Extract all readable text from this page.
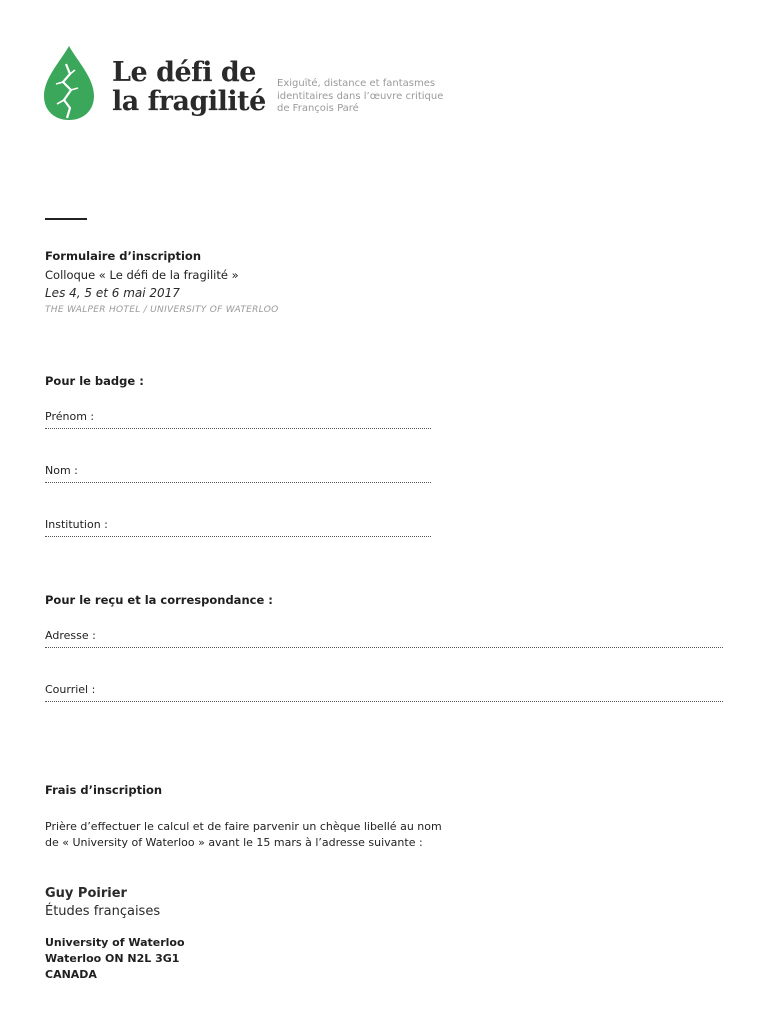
Le défi de
la fragilité
Exiguïté, distance et fantasmes
identitaires dans l’œuvre critique
de François Paré
Formulaire d’inscription
Colloque « Le défi de la fragilité »
Les 4, 5 et 6 mai 2017
THE WALPER HOTEL / UNIVERSITY OF WATERLOO
Pour le badge :
Prénom :
Nom :
Institution :
Pour le reçu et la correspondance :
Adresse :
Courriel :
Frais d’inscription
Prière d’effectuer le calcul et de faire parvenir un chèque libellé au nom
de « University of Waterloo » avant le 15 mars à l’adresse suivante :
Guy Poirier
Études françaises
University of Waterloo
Waterloo ON N2L 3G1
CANADA
